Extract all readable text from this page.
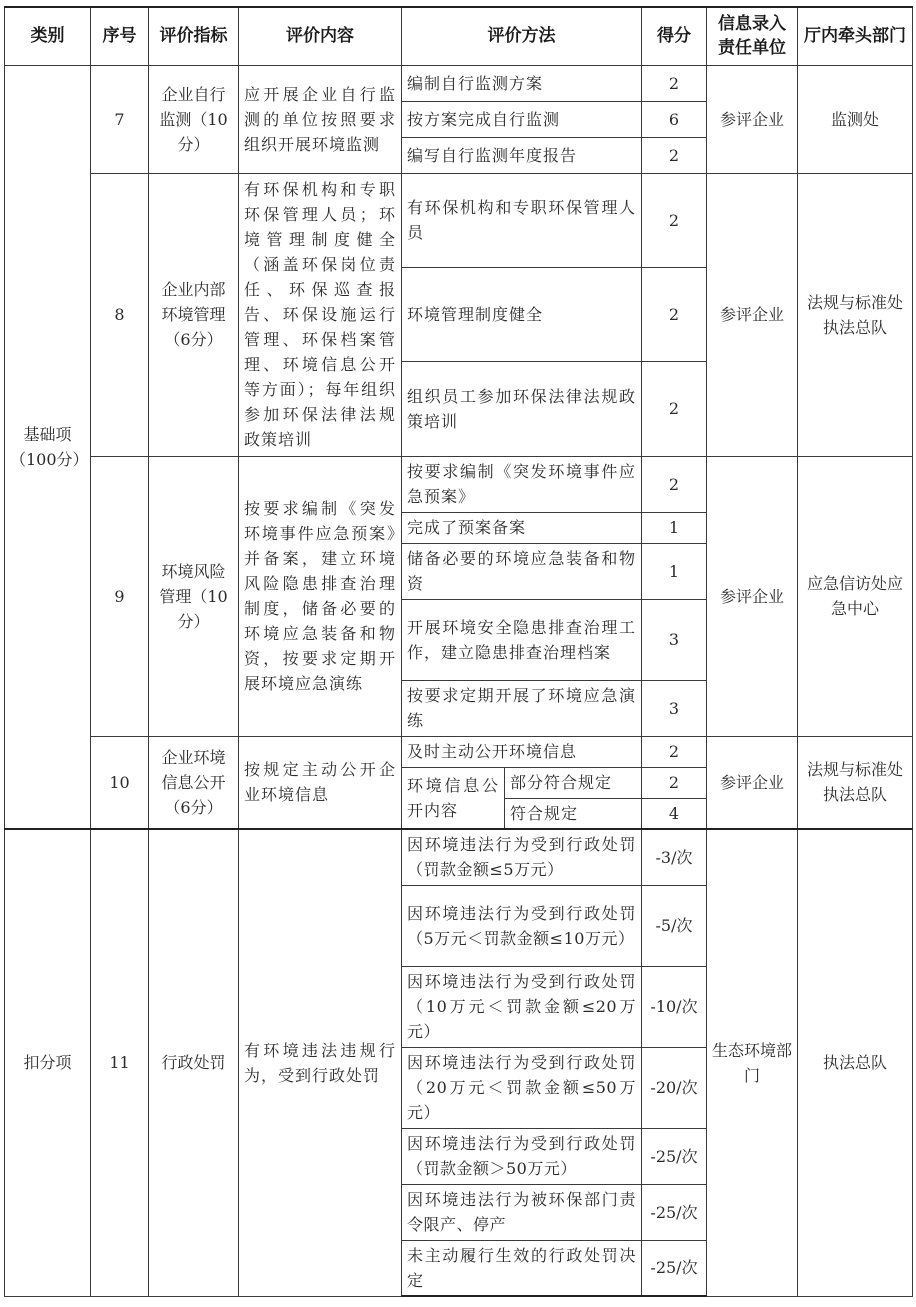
类别	序号	评价指标	评价内容	评价方法		得分	信息录入责任单位	厅内牵头部门
基础项（100分）	7	企业自行监测（10分）	应开展企业自行监测的单位按照要求组织开展环境监测	编制自行监测方案		2	参评企业	监测处
				按方案完成自行监测		6		
				编写自行监测年度报告		2		
	8	企业内部环境管理（6分）	有环保机构和专职环保管理人员；环境管理制度健全（涵盖环保岗位责任、环保巡查报告、环保设施运行管理、环保档案管理、环境信息公开等方面）；每年组织参加环保法律法规政策培训	有环保机构和专职环保管理人员		2	参评企业	法规与标准处执法总队
				环境管理制度健全		2		
				组织员工参加环保法律法规政策培训		2		
	9	环境风险管理（10分）	按要求编制《突发环境事件应急预案》并备案，建立环境风险隐患排查治理制度，储备必要的环境应急装备和物资，按要求定期开展环境应急演练	按要求编制《突发环境事件应急预案》		2	参评企业	应急信访处应急中心
				完成了预案备案		1		
				储备必要的环境应急装备和物资		1		
				开展环境安全隐患排查治理工作，建立隐患排查治理档案		3		
				按要求定期开展了环境应急演练		3		
	10	企业环境信息公开（6分）	按规定主动公开企业环境信息	及时主动公开环境信息		2	参评企业	法规与标准处执法总队
				环境信息公开内容	部分符合规定	2		
					符合规定	4		
扣分项	11	行政处罚	有环境违法违规行为，受到行政处罚	因环境违法行为受到行政处罚（罚款金额≤5万元）		-3/次	生态环境部门	执法总队
				因环境违法行为受到行政处罚（5万元＜罚款金额≤10万元）		-5/次		
				因环境违法行为受到行政处罚（10万元＜罚款金额≤20万元）		-10/次		
				因环境违法行为受到行政处罚（20万元＜罚款金额≤50万元）		-20/次		
				因环境违法行为受到行政处罚（罚款金额＞50万元）		-25/次		
				因环境违法行为被环保部门责令限产、停产		-25/次		
				未主动履行生效的行政处罚决定		-25/次		
